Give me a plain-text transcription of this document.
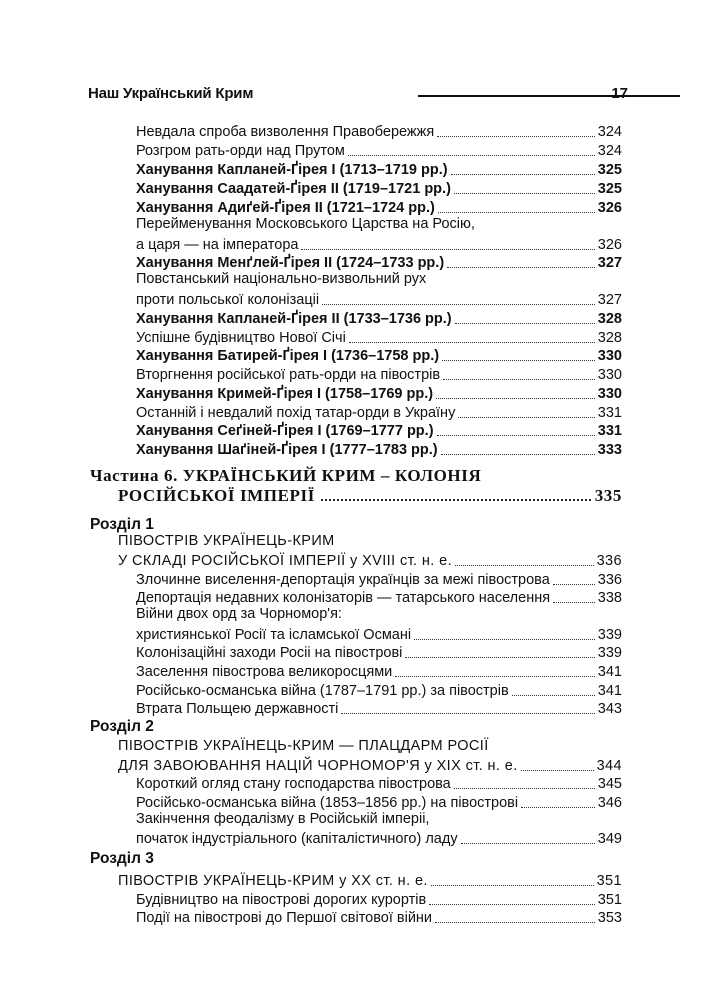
Наш Український Крим	17
Невдала спроба визволення Правобережжя	324
Розгром рать-орди над Прутом	324
Ханування Капланей-Ґірея І (1713–1719 рр.)	325
Ханування Саадатей-Ґірея ІІ (1719–1721 рр.)	325
Ханування Адиґей-Ґірея ІІ (1721–1724 рр.)	326
Перейменування Московського Царства на Росію,
а царя — на імператора	326
Ханування Менґлей-Ґірея ІІ (1724–1733 рр.)	327
Повстанський національно-визвольний рух
проти польської колонізаціі	327
Ханування Капланей-Ґірея ІІ (1733–1736 рр.)	328
Успішне будівництво Нової Січі	328
Ханування Батирей-Ґірея І (1736–1758 рр.)	330
Вторгнення російської рать-орди на півострів	330
Ханування Кримей-Ґірея І (1758–1769 рр.)	330
Останній і невдалий похід татар-орди в Україну	331
Ханування Сеґіней-Ґірея І (1769–1777 рр.)	331
Ханування Шаґіней-Ґірея І (1777–1783 рр.)	333
Частина 6. УКРАЇНСЬКИЙ КРИМ – КОЛОНІЯ
РОСІЙСЬКОЇ ІМПЕРІЇ	335
Розділ 1
ПІВОСТРІВ УКРАЇНЕЦЬ-КРИМ
У СКЛАДІ РОСІЙСЬКОЇ ІМПЕРІЇ у XVIII ст. н. е.	336
Злочинне виселення-депортація українців за межі півострова	336
Депортація недавних колонізаторів — татарського населення	338
Війни двох орд за Чорномор'я:
християнської Росії та ісламської Османі	339
Колонізаційні заходи Росіі на півострові	339
Заселення півострова великоросцями	341
Російсько-османська війна (1787–1791 рр.) за півострів	341
Втрата Польщею державності	343
Розділ 2
ПІВОСТРІВ УКРАЇНЕЦЬ-КРИМ — ПЛАЦДАРМ РОСІЇ
ДЛЯ ЗАВОЮВАННЯ НАЦІЙ ЧОРНОМОР'Я у XIX ст. н. е.	344
Короткий огляд стану господарства півострова	345
Російсько-османська війна (1853–1856 рр.) на півострові	346
Закінчення феодалізму в Російській імперіі,
початок індустріального (капіталістичного) ладу	349
Розділ 3
ПІВОСТРІВ УКРАЇНЕЦЬ-КРИМ у XX ст. н. е.	351
Будівництво на півострові дорогих курортів	351
Події на півострові до Першої світової війни	353
